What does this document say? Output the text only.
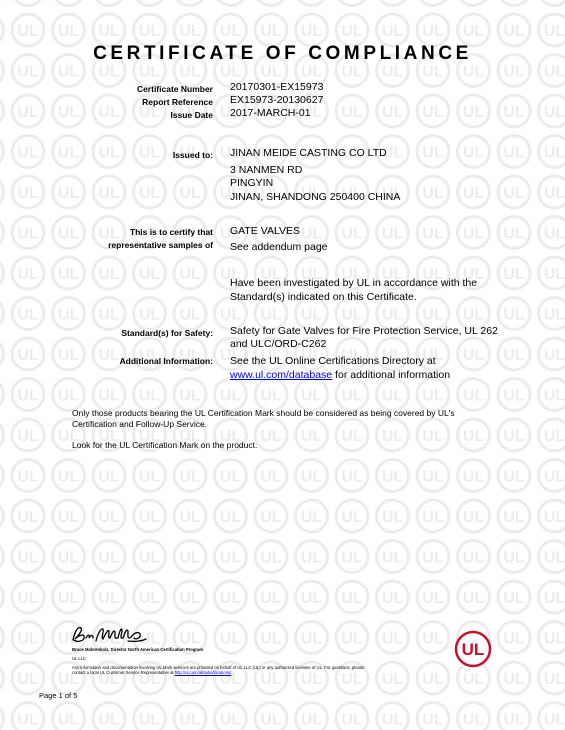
CERTIFICATE OF COMPLIANCE
Certificate Number 20170301-EX15973
Report Reference EX15973-20130627
Issue Date 2017-MARCH-01
Issued to: JINAN MEIDE CASTING CO LTD
3 NANMEN RD
PINGYIN
JINAN, SHANDONG 250400 CHINA
This is to certify that
representative samples of
GATE VALVES
See addendum page
Have been investigated by UL in accordance with the
Standard(s) indicated on this Certificate.
Standard(s) for Safety: Safety for Gate Valves for Fire Protection Service, UL 262
and ULC/ORD-C262
Additional Information: See the UL Online Certifications Directory at
www.ul.com/database for additional information
Only those products bearing the UL Certification Mark should be considered as being covered by UL's
Certification and Follow-Up Service.
Look for the UL Certification Mark on the product.
Bruce Mahrenholz, Director North American Certification Program
UL LLC
Any information and documentation involving UL Mark services are provided on behalf of UL LLC (UL) or any authorized licensee of UL. For questions, please
contact a local UL Customer Service Representative at http://ul.com/aboutul/locations/
UL
Page 1 of 5
